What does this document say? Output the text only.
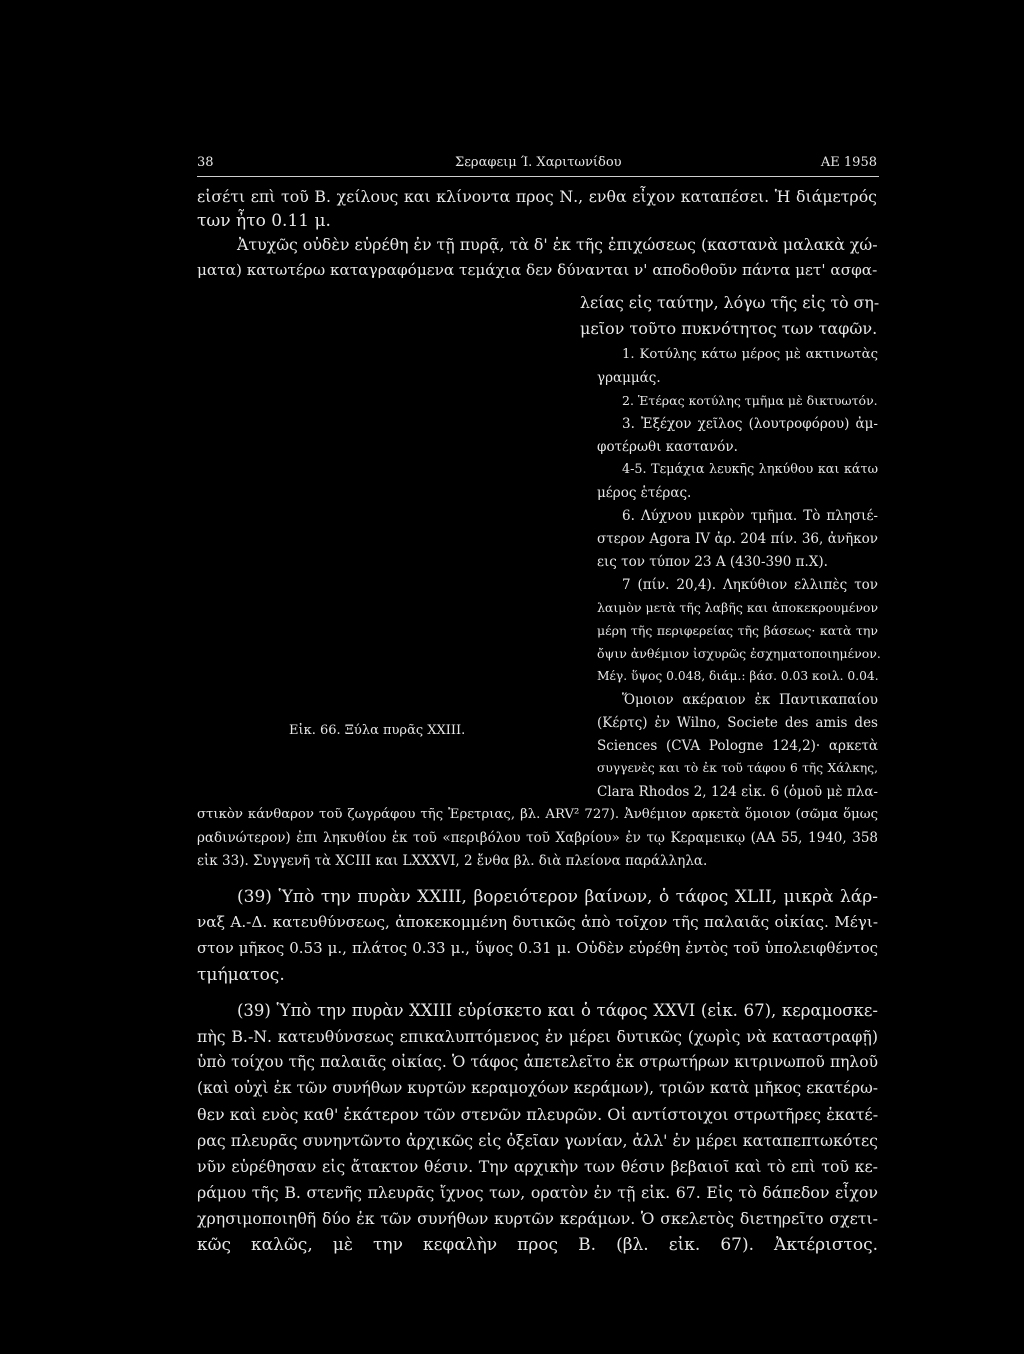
38	Σεραφειμ Ί. Χαριτωνίδου	ΑΕ 1958
Εἰκ. 66. Ξύλα πυρᾶς XXIII.
εἰσέτι επὶ τοῦ Β. χείλους και κλίνοντα προς Ν., ενθα εἶχον καταπέσει. Ἡ διάμετρός
των ἦτο 0.11 μ.
Ἀτυχῶς οὐδὲν εὑρέθη ἐν τῇ πυρᾷ, τὰ δ' ἐκ τῆς ἐπιχώσεως (καστανὰ μαλακὰ χώ-
ματα) κατωτέρω καταγραφόμενα τεμάχια δεν δύνανται ν' αποδοθοῦν πάντα μετ' ασφα-
λείας εἰς ταύτην, λόγω τῆς εἰς τὸ ση-
μεῖον τοῦτο πυκνότητος των ταφῶν.
1. Κοτύλης κάτω μέρος μὲ ακτινωτὰς
γραμμάς.
2. Ἑτέρας κοτύλης τμῆμα μὲ δικτυωτόν.
3. Ἐξέχον χεῖλος (λουτροφόρου) ἀμ-
φοτέρωθι καστανόν.
4-5. Τεμάχια λευκῆς ληκύθου και κάτω
μέρος ἑτέρας.
6. Λύχνου μικρὸν τμῆμα. Τὸ πλησιέ-
στερον Agora IV ἀρ. 204 πίν. 36, ἀνῆκον
εις τον τύπον 23 Α (430-390 π.Χ).
7 (πίν. 20,4). Ληκύθιον ελλιπὲς τον
λαιμὸν μετὰ τῆς λαβῆς και ἀποκεκρουμένον
μέρη τῆς περιφερείας τῆς βάσεως· κατὰ την
ὄψιν ἀνθέμιον ἰσχυρῶς ἐσχηματοποιημένον.
Μέγ. ὕψος 0.048, διάμ.: βάσ. 0.03 κοιλ. 0.04.
Ὅμοιον ακέραιον ἐκ Παντικαπαίου
(Κέρτς) ἐν Wilno, Societe des amis des
Sciences (CVA Pologne 124,2)· αρκετὰ
συγγενὲς και τὸ ἐκ τοῦ τάφου 6 τῆς Χάλκης,
Clara Rhodos 2, 124 εἰκ. 6 (ὁμοῦ μὲ πλα-
στικὸν κάνθαρον τοῦ ζωγράφου τῆς Ἐρετριας, βλ. ARV² 727). Ἀνθέμιον αρκετὰ ὅμοιον (σῶμα ὅμως
ραδινώτερον) ἐπι ληκυθίου ἐκ τοῦ «περιβόλου τοῦ Χαβρίου» ἐν τῳ Κεραμεικῳ (ΑΑ 55, 1940, 358
εἰκ 33). Συγγενῆ τὰ XCIII και LXXXVI, 2 ἔνθα βλ. διὰ πλείονα παράλληλα.
(39) Ὑπὸ την πυρὰν XXIII, βορειότερον βαίνων, ὁ τάφος XLII, μικρὰ λάρ-
ναξ Α.-Δ. κατευθύνσεως, ἀποκεκομμένη δυτικῶς ἀπὸ τοῖχον τῆς παλαιᾶς οἰκίας. Μέγι-
στον μῆκος 0.53 μ., πλάτος 0.33 μ., ὕψος 0.31 μ. Οὐδὲν εὑρέθη ἐντὸς τοῦ ὑπολειφθέντος
τμήματος.
(39) Ὑπὸ την πυρὰν XXIII εὑρίσκετο και ὁ τάφος XXVI (εἰκ. 67), κεραμοσκε-
πὴς Β.-Ν. κατευθύνσεως επικαλυπτόμενος ἐν μέρει δυτικῶς (χωρὶς νὰ καταστραφῇ)
ὑπὸ τοίχου τῆς παλαιᾶς οἰκίας. Ὁ τάφος ἀπετελεῖτο ἐκ στρωτήρων κιτρινωποῦ πηλοῦ
(καὶ οὐχὶ ἐκ τῶν συνήθων κυρτῶν κεραμοχόων κεράμων), τριῶν κατὰ μῆκος εκατέρω-
θεν καὶ ενὸς καθ' ἑκάτερον τῶν στενῶν πλευρῶν. Οἱ αντίστοιχοι στρωτῆρες ἑκατέ-
ρας πλευρᾶς συνηντῶντο ἀρχικῶς εἰς ὀξεῖαν γωνίαν, ἀλλ' ἐν μέρει καταπεπτωκότες
νῦν εὑρέθησαν εἰς ἄτακτον θέσιν. Την αρχικὴν των θέσιν βεβαιοῖ καὶ τὸ επὶ τοῦ κε-
ράμου τῆς Β. στενῆς πλευρᾶς ἴχνος των, ορατὸν ἐν τῇ εἰκ. 67. Εἰς τὸ δάπεδον εἶχον
χρησιμοποιηθῆ δύο ἐκ τῶν συνήθων κυρτῶν κεράμων. Ὁ σκελετὸς διετηρεῖτο σχετι-
κῶς καλῶς, μὲ την κεφαλὴν προς Β. (βλ. εἰκ. 67). Ἀκτέριστος.
